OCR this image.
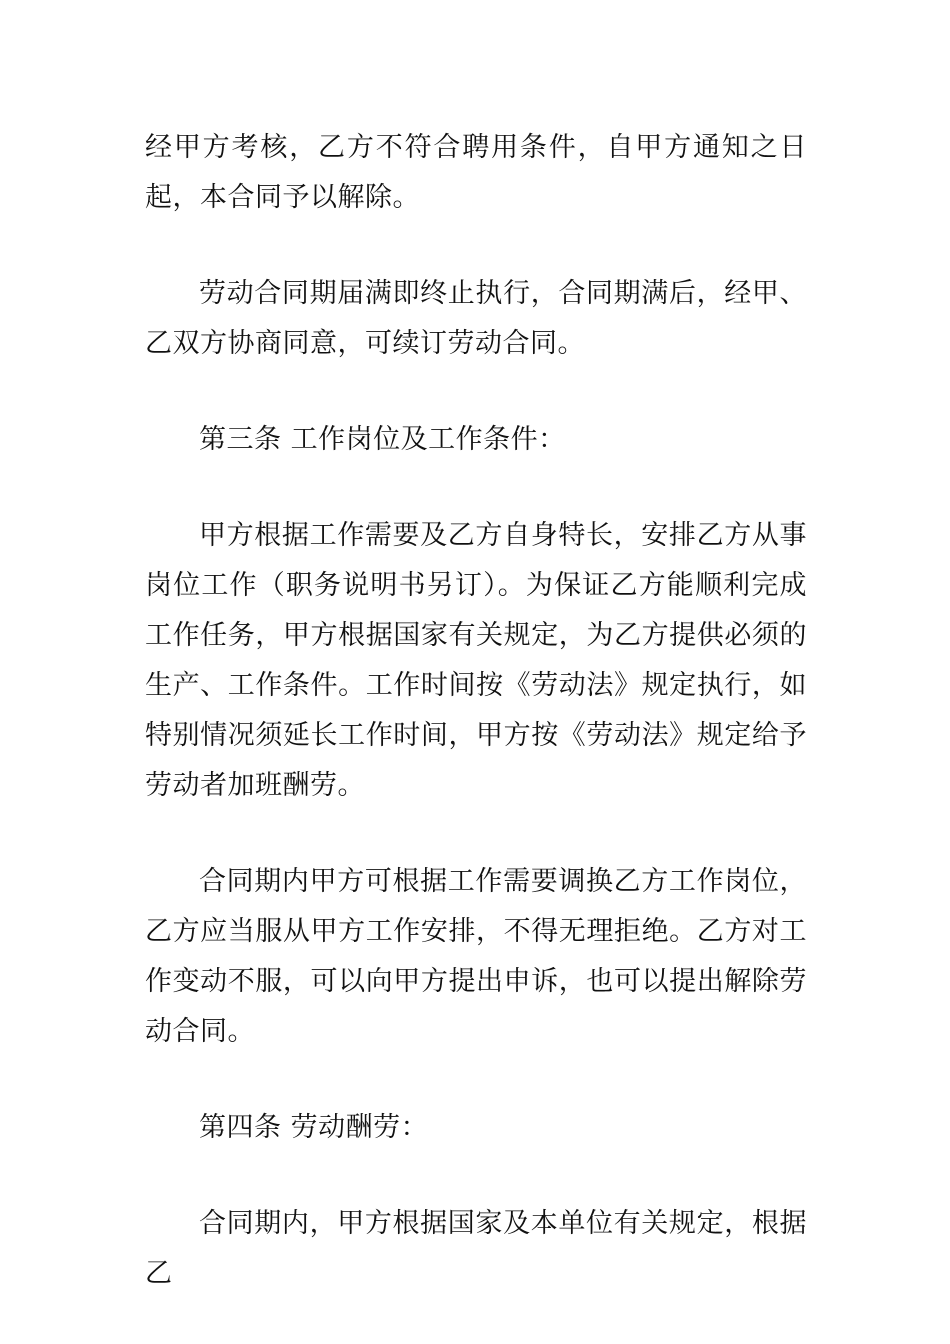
经甲方考核，乙方不符合聘用条件，自甲方通知之日起，本合同予以解除。

劳动合同期届满即终止执行，合同期满后，经甲、乙双方协商同意，可续订劳动合同。

第三条 工作岗位及工作条件：

甲方根据工作需要及乙方自身特长，安排乙方从事 岗位工作（职务说明书另订）。为保证乙方能顺利完成工作任务，甲方根据国家有关规定，为乙方提供必须的生产、工作条件。工作时间按《劳动法》规定执行，如特别情况须延长工作时间，甲方按《劳动法》规定给予劳动者加班酬劳。

合同期内甲方可根据工作需要调换乙方工作岗位，乙方应当服从甲方工作安排，不得无理拒绝。乙方对工作变动不服，可以向甲方提出申诉，也可以提出解除劳动合同。

第四条 劳动酬劳：

合同期内，甲方根据国家及本单位有关规定，根据乙
